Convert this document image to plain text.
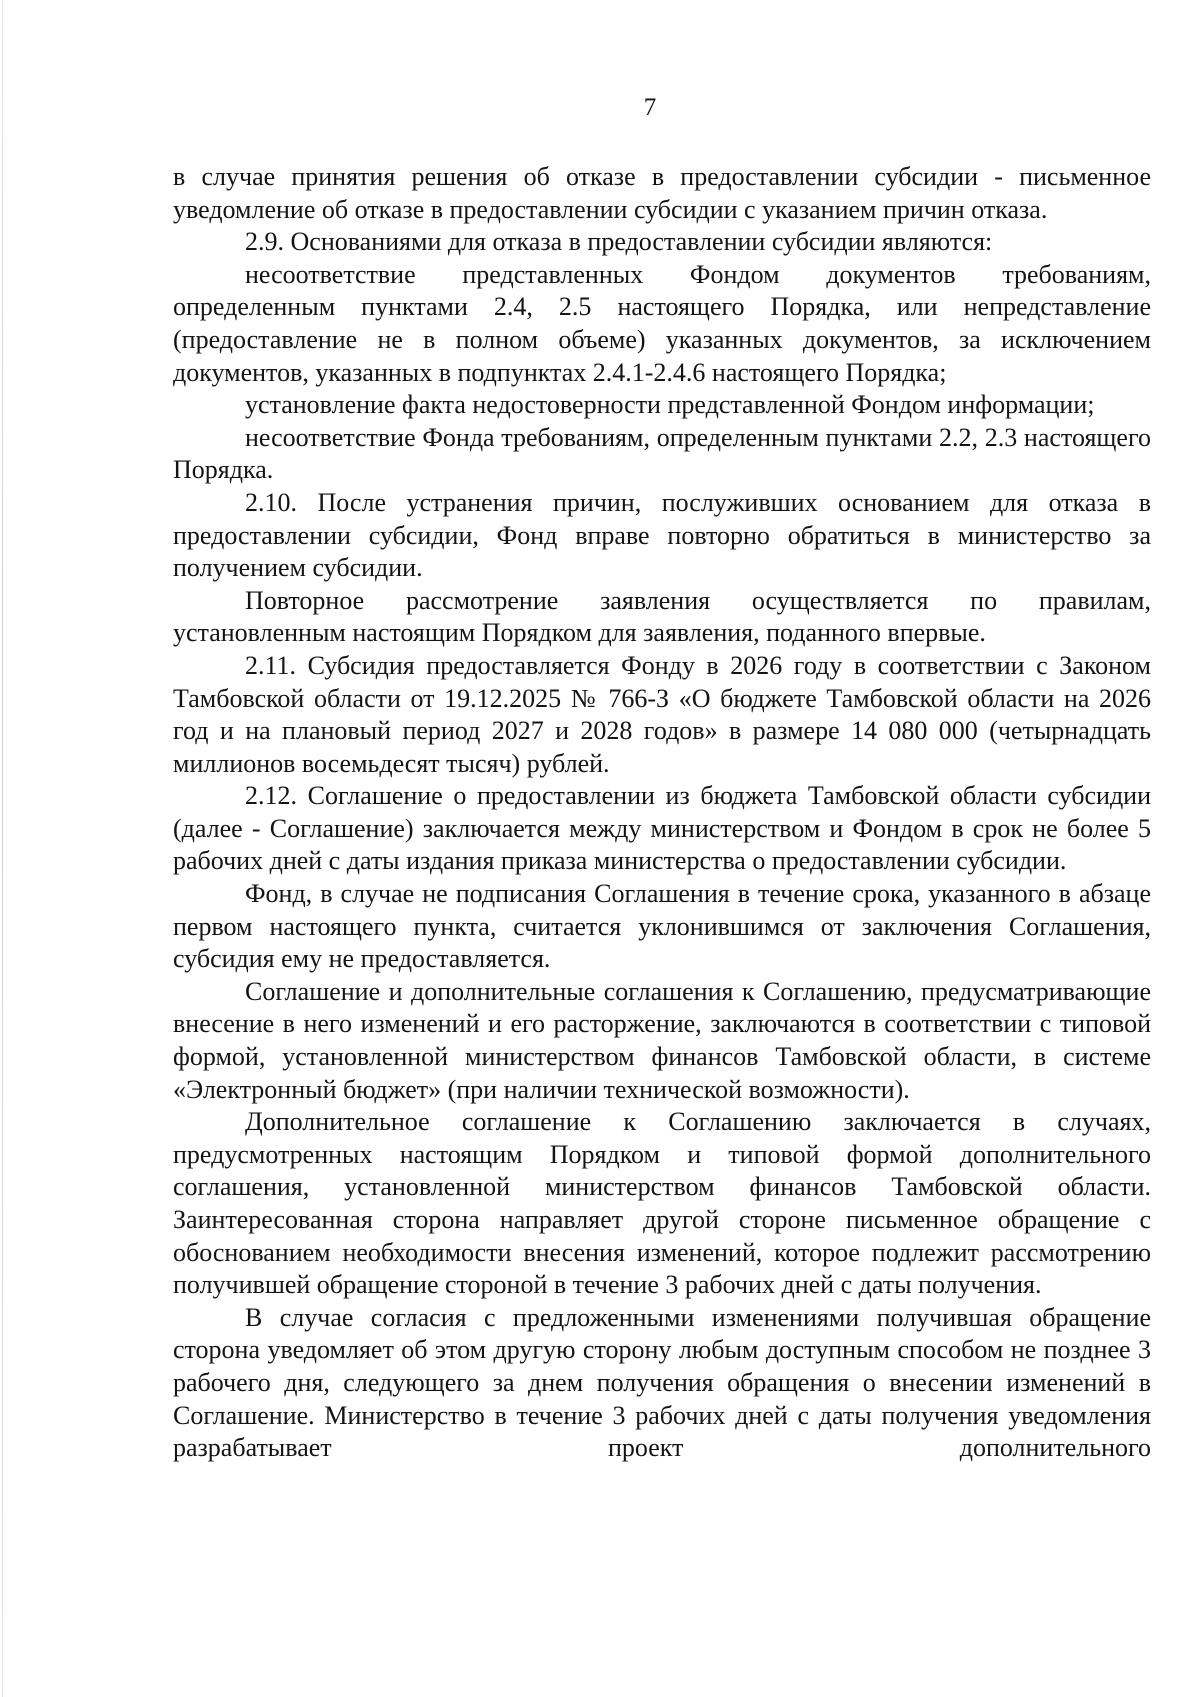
7

в случае принятия решения об отказе в предоставлении субсидии - письменное уведомление об отказе в предоставлении субсидии с указанием причин отказа.

2.9. Основаниями для отказа в предоставлении субсидии являются:

несоответствие представленных Фондом документов требованиям, определенным пунктами 2.4, 2.5 настоящего Порядка, или непредставление (предоставление не в полном объеме) указанных документов, за исключением документов, указанных в подпунктах 2.4.1-2.4.6 настоящего Порядка;

установление факта недостоверности представленной Фондом информации;

несоответствие Фонда требованиям, определенным пунктами 2.2, 2.3 настоящего Порядка.

2.10. После устранения причин, послуживших основанием для отказа в предоставлении субсидии, Фонд вправе повторно обратиться в министерство за получением субсидии.

Повторное рассмотрение заявления осуществляется по правилам, установленным настоящим Порядком для заявления, поданного впервые.

2.11. Субсидия предоставляется Фонду в 2026 году в соответствии с Законом Тамбовской области от 19.12.2025 № 766-З «О бюджете Тамбовской области на 2026 год и на плановый период 2027 и 2028 годов» в размере 14 080 000 (четырнадцать миллионов восемьдесят тысяч) рублей.

2.12. Соглашение о предоставлении из бюджета Тамбовской области субсидии (далее - Соглашение) заключается между министерством и Фондом в срок не более 5 рабочих дней с даты издания приказа министерства о предоставлении субсидии.

Фонд, в случае не подписания Соглашения в течение срока, указанного в абзаце первом настоящего пункта, считается уклонившимся от заключения Соглашения, субсидия ему не предоставляется.

Соглашение и дополнительные соглашения к Соглашению, предусматривающие внесение в него изменений и его расторжение, заключаются в соответствии с типовой формой, установленной министерством финансов Тамбовской области, в системе «Электронный бюджет» (при наличии технической возможности).

Дополнительное соглашение к Соглашению заключается в случаях, предусмотренных настоящим Порядком и типовой формой дополнительного соглашения, установленной министерством финансов Тамбовской области. Заинтересованная сторона направляет другой стороне письменное обращение с обоснованием необходимости внесения изменений, которое подлежит рассмотрению получившей обращение стороной в течение 3 рабочих дней с даты получения.

В случае согласия с предложенными изменениями получившая обращение сторона уведомляет об этом другую сторону любым доступным способом не позднее 3 рабочего дня, следующего за днем получения обращения о внесении изменений в Соглашение. Министерство в течение 3 рабочих дней с даты получения уведомления разрабатывает проект дополнительного
